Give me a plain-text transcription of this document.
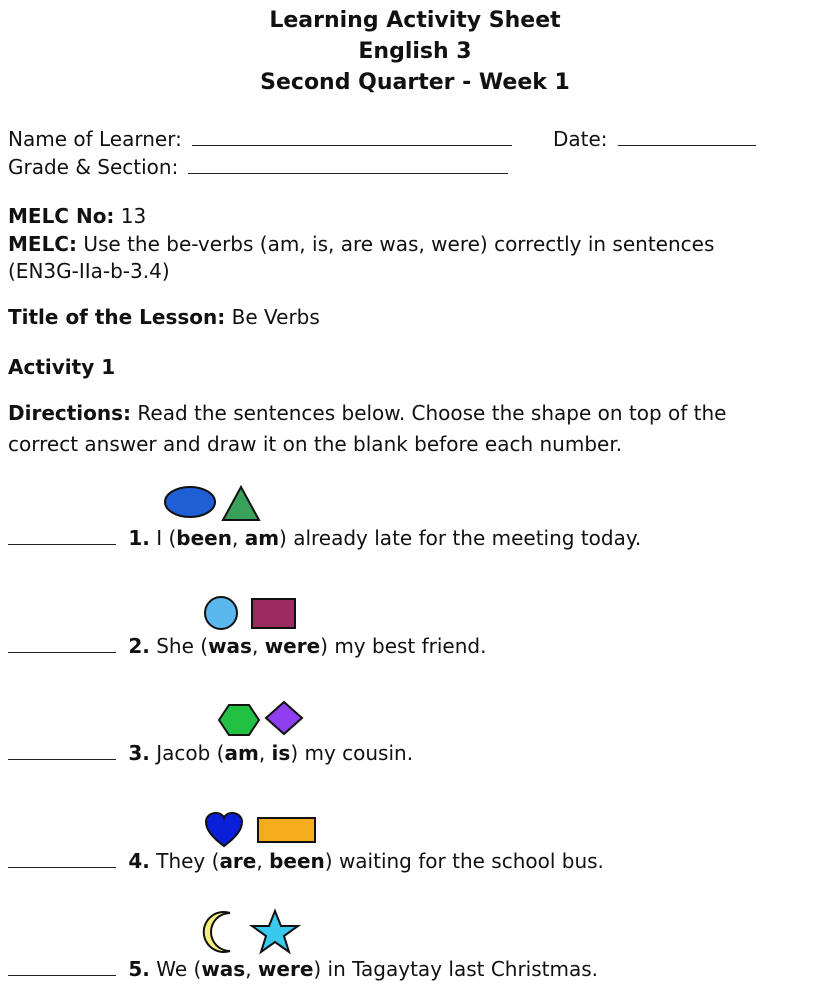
Learning Activity Sheet
English 3
Second Quarter - Week 1
Name of Learner:	Date:
Grade & Section:
MELC No: 13
MELC: Use the be-verbs (am, is, are was, were) correctly in sentences
(EN3G-IIa-b-3.4)
Title of the Lesson: Be Verbs
Activity 1
Directions: Read the sentences below. Choose the shape on top of the
correct answer and draw it on the blank before each number.
1. I (been, am) already late for the meeting today.
2. She (was, were) my best friend.
3. Jacob (am, is) my cousin.
4. They (are, been) waiting for the school bus.
5. We (was, were) in Tagaytay last Christmas.
